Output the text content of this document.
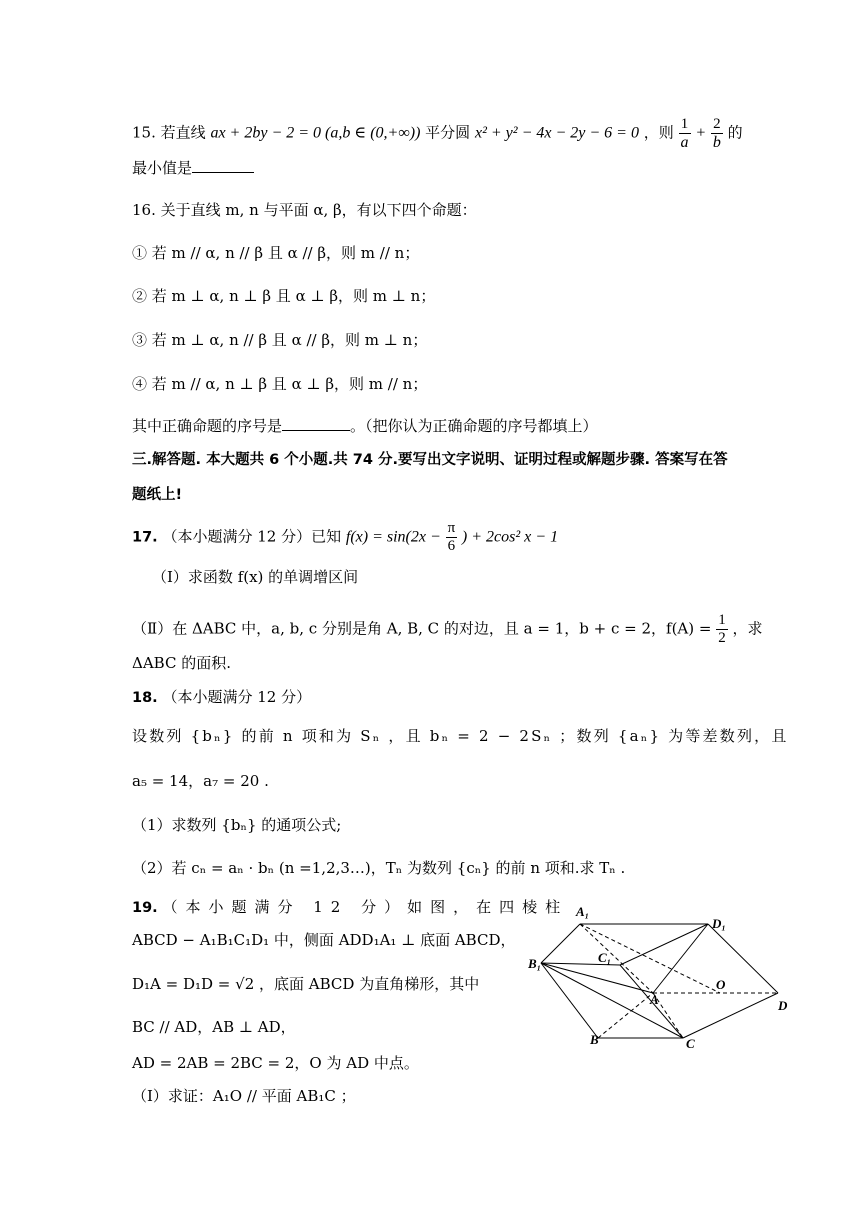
15. 若直线 ax + 2by − 2 = 0 (a,b ∈ (0,+∞)) 平分圆 x² + y² − 4x − 2y − 6 = 0 ，则 $\frac{1}{a} + \frac{2}{b}$ 的
最小值是
16. 关于直线 m, n 与平面 α, β，有以下四个命题：
① 若 m // α, n // β 且 α // β，则 m // n；
② 若 m ⊥ α, n ⊥ β 且 α ⊥ β，则 m ⊥ n；
③ 若 m ⊥ α, n // β 且 α // β，则 m ⊥ n；
④ 若 m // α, n ⊥ β 且 α ⊥ β，则 m // n；
其中正确命题的序号是	。（把你认为正确命题的序号都填上）
三.解答题. 本大题共 6 个小题.共 74 分.要写出文字说明、证明过程或解题步骤. 答案写在答
题纸上!
17. （本小题满分 12 分）已知 $f(x) = \sin(2x - \frac{\pi}{6}$ ) + 2cos² x − 1
（Ⅰ）求函数 f(x) 的单调增区间
（Ⅱ）在 ΔABC 中，a, b, c 分别是角 A, B, C 的对边，且 a = 1，b + c = 2，$f(A) = \frac{1}{2}$ ，求
ΔABC 的面积.
18. （本小题满分 12 分）
设数列 {bₙ} 的前 n 项和为 Sₙ ，且 bₙ = 2 − 2Sₙ ；数列 {aₙ} 为等差数列，且
a₅ = 14，a₇ = 20 .
（1）求数列 {bₙ} 的通项公式;
（2）若 cₙ = aₙ · bₙ (n =1,2,3…)，Tₙ 为数列 {cₙ} 的前 n 项和.求 Tₙ .
19. （本小题满分 12 分）如图，在四棱柱
ABCD − A₁B₁C₁D₁ 中，侧面 ADD₁A₁ ⊥ 底面 ABCD，
D₁A = D₁D = √2 ，底面 ABCD 为直角梯形，其中
BC // AD，AB ⊥ AD，
AD = 2AB = 2BC = 2，O 为 AD 中点。
（Ⅰ）求证：A₁O // 平面 AB₁C ；
A₁
D₁
B₁	C₁
A
O
D
B	C
